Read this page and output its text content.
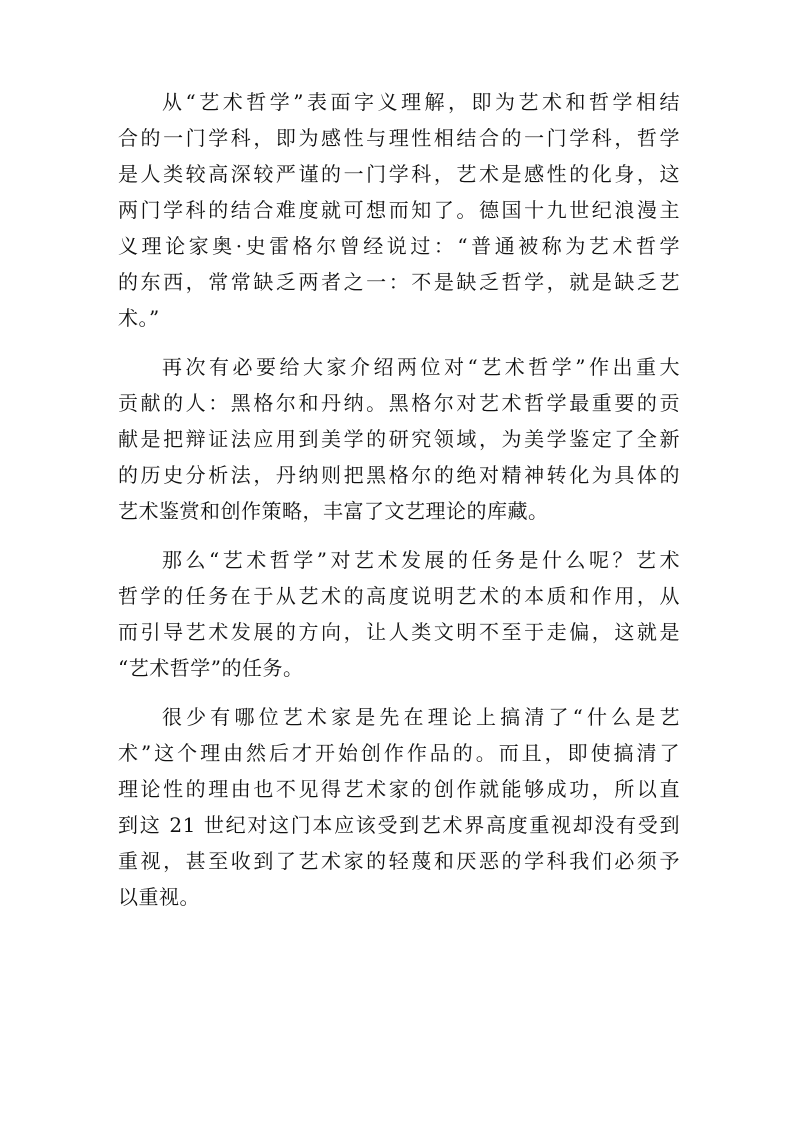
从“艺术哲学”表面字义理解，即为艺术和哲学相结
合的一门学科，即为感性与理性相结合的一门学科，哲学
是人类较高深较严谨的一门学科，艺术是感性的化身，这
两门学科的结合难度就可想而知了。德国十九世纪浪漫主
义理论家奥·史雷格尔曾经说过：“普通被称为艺术哲学
的东西，常常缺乏两者之一：不是缺乏哲学，就是缺乏艺
术。”
再次有必要给大家介绍两位对“艺术哲学”作出重大
贡献的人：黑格尔和丹纳。黑格尔对艺术哲学最重要的贡
献是把辩证法应用到美学的研究领域，为美学鉴定了全新
的历史分析法，丹纳则把黑格尔的绝对精神转化为具体的
艺术鉴赏和创作策略，丰富了文艺理论的库藏。
那么“艺术哲学”对艺术发展的任务是什么呢？艺术
哲学的任务在于从艺术的高度说明艺术的本质和作用，从
而引导艺术发展的方向，让人类文明不至于走偏，这就是
“艺术哲学”的任务。
很少有哪位艺术家是先在理论上搞清了“什么是艺
术”这个理由然后才开始创作作品的。而且，即使搞清了
理论性的理由也不见得艺术家的创作就能够成功，所以直
到这 21 世纪对这门本应该受到艺术界高度重视却没有受到
重视，甚至收到了艺术家的轻蔑和厌恶的学科我们必须予
以重视。
